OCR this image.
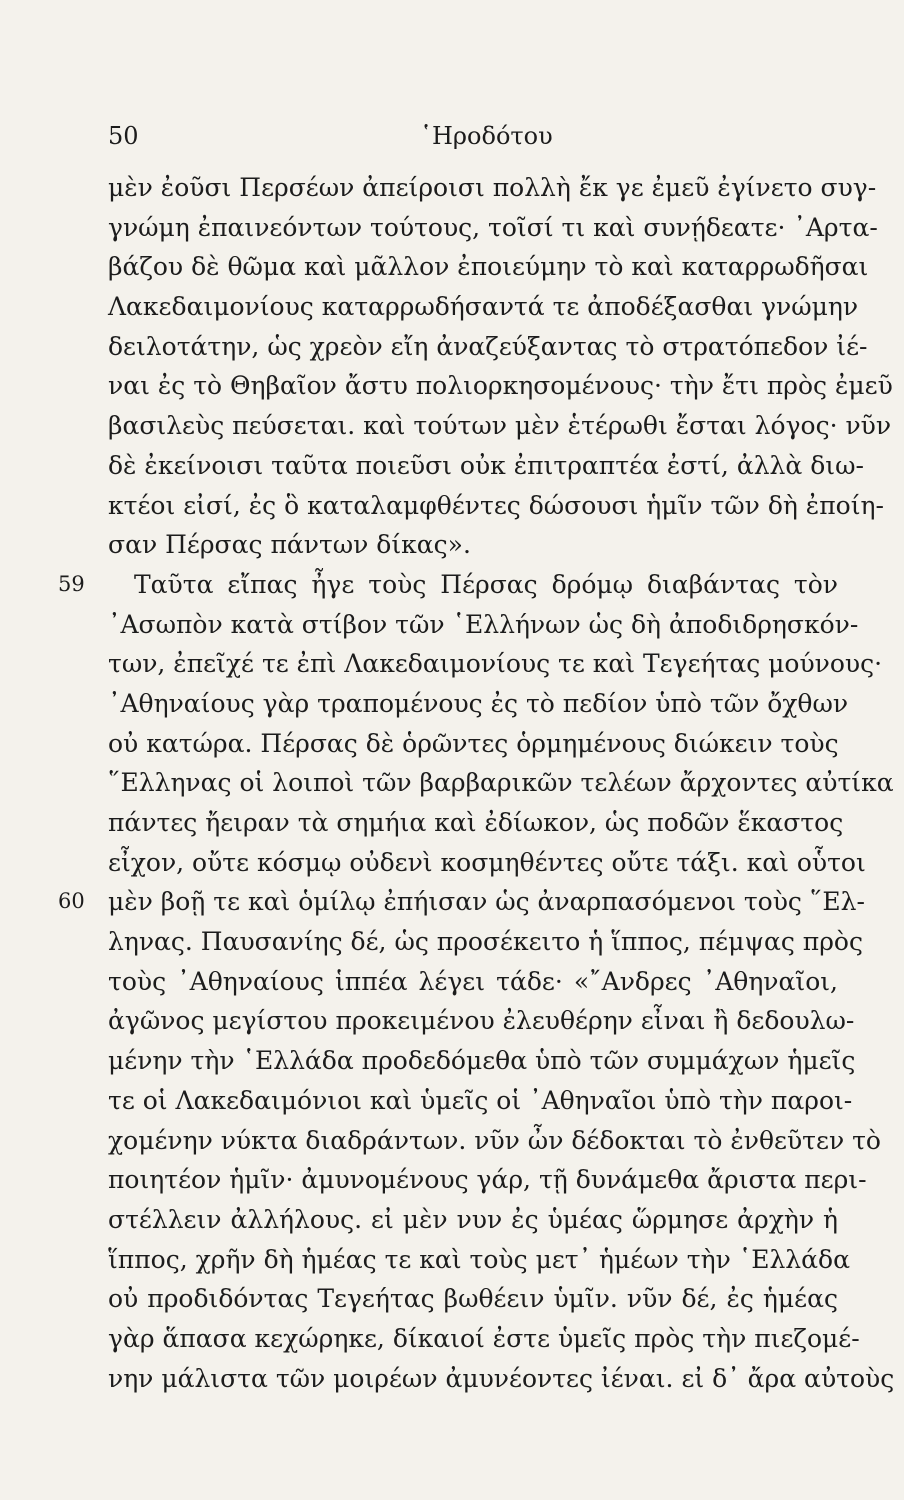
50	῾Ηροδότου
μὲν ἐοῦσι Περσέων ἀπείροισι πολλὴ ἔκ γε ἐμεῦ ἐγίνετο συγ-
γνώμη ἐπαινεόντων τούτους, τοῖσί τι καὶ συνῄδεατε· ᾿Αρτα-
βάζου δὲ θῶμα καὶ μᾶλλον ἐποιεύμην τὸ καὶ καταρρωδῆσαι
Λακεδαιμονίους καταρρωδήσαντά τε ἀποδέξασθαι γνώμην
δειλοτάτην, ὡς χρεὸν εἴη ἀναζεύξαντας τὸ στρατόπεδον ἰέ-
ναι ἐς τὸ Θηβαῖον ἄστυ πολιορκησομένους· τὴν ἔτι πρὸς ἐμεῦ
βασιλεὺς πεύσεται. καὶ τούτων μὲν ἑτέρωθι ἔσται λόγος· νῦν
δὲ ἐκείνοισι ταῦτα ποιεῦσι οὐκ ἐπιτραπτέα ἐστί, ἀλλὰ διω-
κτέοι εἰσί, ἐς ὃ καταλαμφθέντες δώσουσι ἡμῖν τῶν δὴ ἐποίη-
σαν Πέρσας πάντων δίκας».
59 Ταῦτα εἴπας ἦγε τοὺς Πέρσας δρόμῳ διαβάντας τὸν
᾿Ασωπὸν κατὰ στίβον τῶν ῾Ελλήνων ὡς δὴ ἀποδιδρησκόν-
των, ἐπεῖχέ τε ἐπὶ Λακεδαιμονίους τε καὶ Τεγεήτας μούνους·
᾿Αθηναίους γὰρ τραπομένους ἐς τὸ πεδίον ὑπὸ τῶν ὄχθων
οὐ κατώρα. Πέρσας δὲ ὁρῶντες ὁρμημένους διώκειν τοὺς
῞Ελληνας οἱ λοιποὶ τῶν βαρβαρικῶν τελέων ἄρχοντες αὐτίκα
πάντες ἤειραν τὰ σημήια καὶ ἐδίωκον, ὡς ποδῶν ἕκαστος
εἶχον, οὔτε κόσμῳ οὐδενὶ κοσμηθέντες οὔτε τάξι. καὶ οὗτοι
60 μὲν βοῇ τε καὶ ὁμίλῳ ἐπήισαν ὡς ἀναρπασόμενοι τοὺς ῞Ελ-
ληνας. Παυσανίης δέ, ὡς προσέκειτο ἡ ἵππος, πέμψας πρὸς
τοὺς ᾿Αθηναίους ἱππέα λέγει τάδε· «῎Ανδρες ᾿Αθηναῖοι,
ἀγῶνος μεγίστου προκειμένου ἐλευθέρην εἶναι ἢ δεδουλω-
μένην τὴν ῾Ελλάδα προδεδόμεθα ὑπὸ τῶν συμμάχων ἡμεῖς
τε οἱ Λακεδαιμόνιοι καὶ ὑμεῖς οἱ ᾿Αθηναῖοι ὑπὸ τὴν παροι-
χομένην νύκτα διαδράντων. νῦν ὦν δέδοκται τὸ ἐνθεῦτεν τὸ
ποιητέον ἡμῖν· ἀμυνομένους γάρ, τῇ δυνάμεθα ἄριστα περι-
στέλλειν ἀλλήλους. εἰ μὲν νυν ἐς ὑμέας ὥρμησε ἀρχὴν ἡ
ἵππος, χρῆν δὴ ἡμέας τε καὶ τοὺς μετ᾿ ἡμέων τὴν ῾Ελλάδα
οὐ προδιδόντας Τεγεήτας βωθέειν ὑμῖν. νῦν δέ, ἐς ἡμέας
γὰρ ἅπασα κεχώρηκε, δίκαιοί ἐστε ὑμεῖς πρὸς τὴν πιεζομέ-
νην μάλιστα τῶν μοιρέων ἀμυνέοντες ἰέναι. εἰ δ᾿ ἄρα αὐτοὺς
